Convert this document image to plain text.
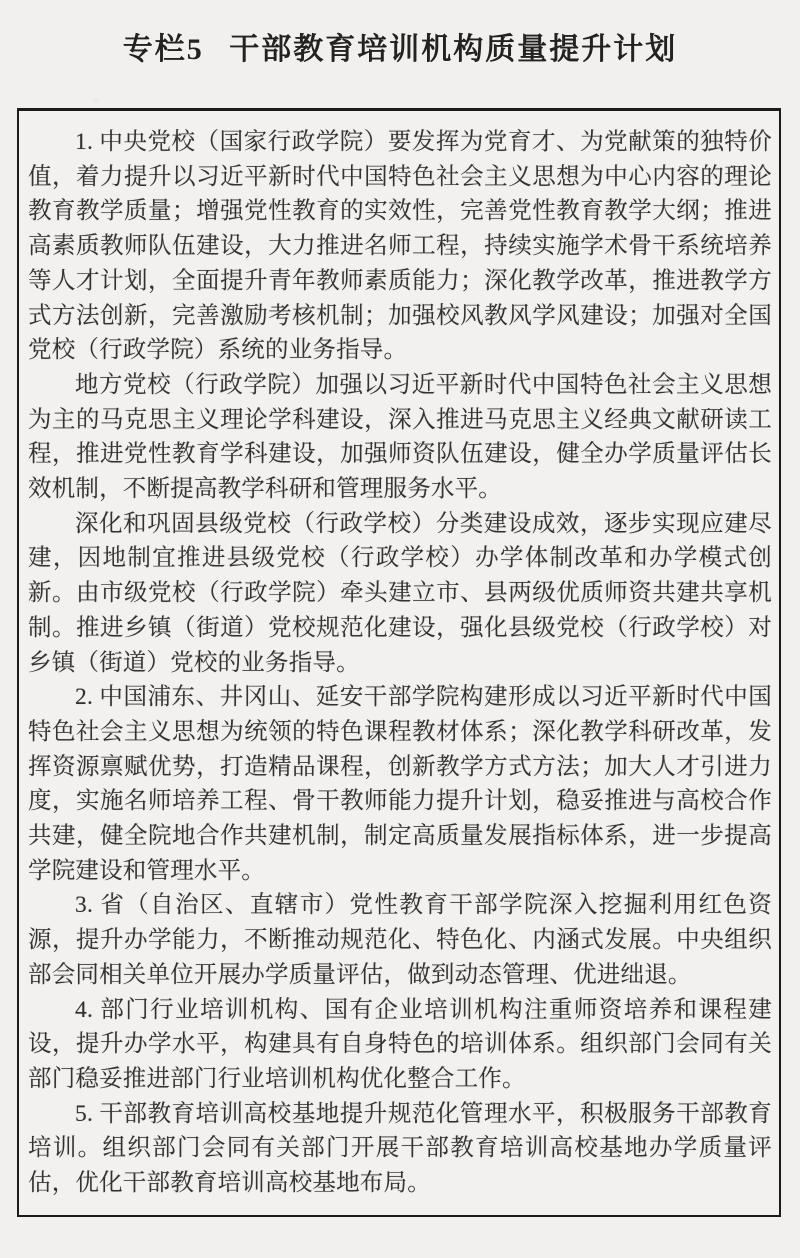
专栏5 干部教育培训机构质量提升计划

1. 中央党校（国家行政学院）要发挥为党育才、为党献策的独特价值，着力提升以习近平新时代中国特色社会主义思想为中心内容的理论教育教学质量；增强党性教育的实效性，完善党性教育教学大纲；推进高素质教师队伍建设，大力推进名师工程，持续实施学术骨干系统培养等人才计划，全面提升青年教师素质能力；深化教学改革，推进教学方式方法创新，完善激励考核机制；加强校风教风学风建设；加强对全国党校（行政学院）系统的业务指导。

地方党校（行政学院）加强以习近平新时代中国特色社会主义思想为主的马克思主义理论学科建设，深入推进马克思主义经典文献研读工程，推进党性教育学科建设，加强师资队伍建设，健全办学质量评估长效机制，不断提高教学科研和管理服务水平。

深化和巩固县级党校（行政学校）分类建设成效，逐步实现应建尽建，因地制宜推进县级党校（行政学校）办学体制改革和办学模式创新。由市级党校（行政学院）牵头建立市、县两级优质师资共建共享机制。推进乡镇（街道）党校规范化建设，强化县级党校（行政学校）对乡镇（街道）党校的业务指导。

2. 中国浦东、井冈山、延安干部学院构建形成以习近平新时代中国特色社会主义思想为统领的特色课程教材体系；深化教学科研改革，发挥资源禀赋优势，打造精品课程，创新教学方式方法；加大人才引进力度，实施名师培养工程、骨干教师能力提升计划，稳妥推进与高校合作共建，健全院地合作共建机制，制定高质量发展指标体系，进一步提高学院建设和管理水平。

3. 省（自治区、直辖市）党性教育干部学院深入挖掘利用红色资源，提升办学能力，不断推动规范化、特色化、内涵式发展。中央组织部会同相关单位开展办学质量评估，做到动态管理、优进绌退。

4. 部门行业培训机构、国有企业培训机构注重师资培养和课程建设，提升办学水平，构建具有自身特色的培训体系。组织部门会同有关部门稳妥推进部门行业培训机构优化整合工作。

5. 干部教育培训高校基地提升规范化管理水平，积极服务干部教育培训。组织部门会同有关部门开展干部教育培训高校基地办学质量评估，优化干部教育培训高校基地布局。
